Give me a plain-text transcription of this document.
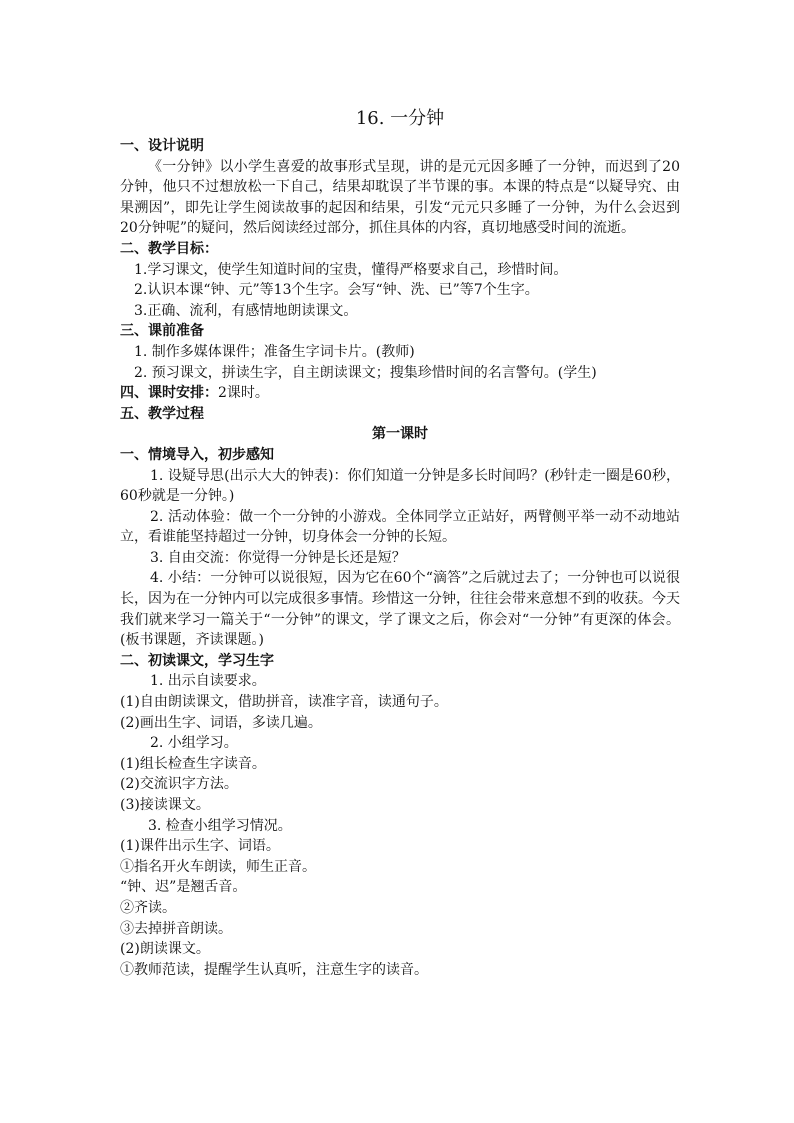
16. 一分钟
一、设计说明
《一分钟》以小学生喜爱的故事形式呈现，讲的是元元因多睡了一分钟，而迟到了20分钟，他只不过想放松一下自己，结果却耽误了半节课的事。本课的特点是“以疑导究、由果溯因”，即先让学生阅读故事的起因和结果，引发“元元只多睡了一分钟，为什么会迟到20分钟呢”的疑问，然后阅读经过部分，抓住具体的内容，真切地感受时间的流逝。
二、教学目标：
1.学习课文，使学生知道时间的宝贵，懂得严格要求自己，珍惜时间。
2.认识本课“钟、元”等13个生字。会写“钟、洗、已”等7个生字。
3.正确、流利，有感情地朗读课文。
三、课前准备
1. 制作多媒体课件；准备生字词卡片。(教师)
2. 预习课文，拼读生字，自主朗读课文；搜集珍惜时间的名言警句。(学生)
四、课时安排：2课时。
五、教学过程
第一课时
一、情境导入，初步感知
1. 设疑导思(出示大大的钟表)：你们知道一分钟是多长时间吗？(秒针走一圈是60秒，60秒就是一分钟。)
2. 活动体验：做一个一分钟的小游戏。全体同学立正站好，两臂侧平举一动不动地站立，看谁能坚持超过一分钟，切身体会一分钟的长短。
3. 自由交流：你觉得一分钟是长还是短？
4. 小结：一分钟可以说很短，因为它在60个“滴答”之后就过去了；一分钟也可以说很长，因为在一分钟内可以完成很多事情。珍惜这一分钟，往往会带来意想不到的收获。今天我们就来学习一篇关于“一分钟”的课文，学了课文之后，你会对“一分钟”有更深的体会。(板书课题，齐读课题。)
二、初读课文，学习生字
1. 出示自读要求。
(1)自由朗读课文，借助拼音，读准字音，读通句子。
(2)画出生字、词语，多读几遍。
2. 小组学习。
(1)组长检查生字读音。
(2)交流识字方法。
(3)接读课文。
3. 检查小组学习情况。
(1)课件出示生字、词语。
①指名开火车朗读，师生正音。
“钟、迟”是翘舌音。
②齐读。
③去掉拼音朗读。
(2)朗读课文。
①教师范读，提醒学生认真听，注意生字的读音。
